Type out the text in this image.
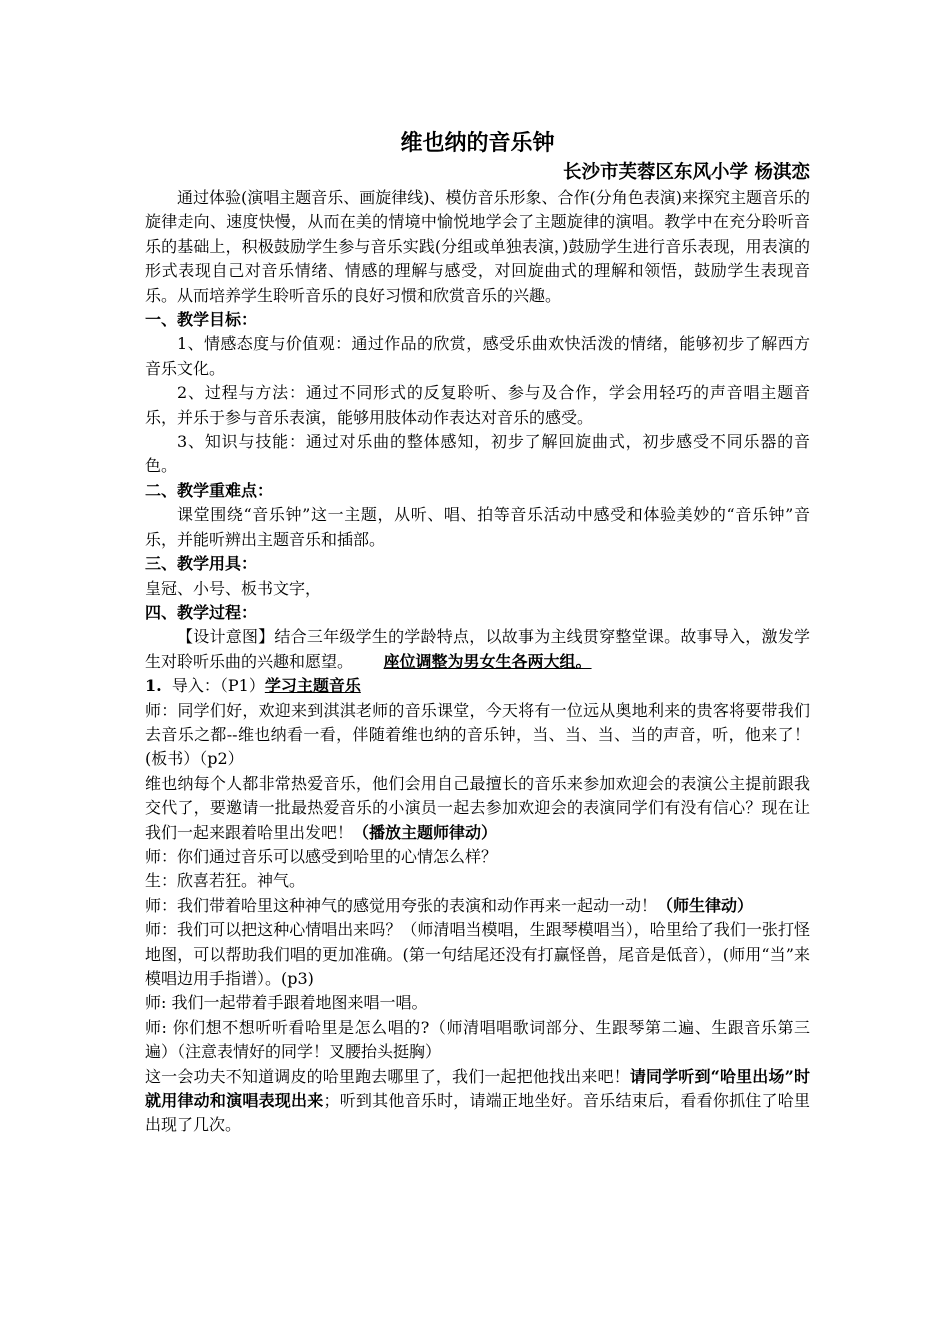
维也纳的音乐钟

长沙市芙蓉区东风小学 杨淇恋

通过体验(演唱主题音乐、画旋律线)、模仿音乐形象、合作(分角色表演)来探究主题音乐的旋律走向、速度快慢，从而在美的情境中愉悦地学会了主题旋律的演唱。教学中在充分聆听音乐的基础上，积极鼓励学生参与音乐实践(分组或单独表演，)鼓励学生进行音乐表现，用表演的形式表现自己对音乐情绪、情感的理解与感受，对回旋曲式的理解和领悟，鼓励学生表现音乐。从而培养学生聆听音乐的良好习惯和欣赏音乐的兴趣。

一、教学目标：

1、情感态度与价值观：通过作品的欣赏，感受乐曲欢快活泼的情绪，能够初步了解西方音乐文化。

2、过程与方法：通过不同形式的反复聆听、参与及合作，学会用轻巧的声音唱主题音乐，并乐于参与音乐表演，能够用肢体动作表达对音乐的感受。

3、知识与技能：通过对乐曲的整体感知，初步了解回旋曲式，初步感受不同乐器的音色。

二、教学重难点：

课堂围绕“音乐钟”这一主题，从听、唱、拍等音乐活动中感受和体验美妙的“音乐钟”音乐，并能听辨出主题音乐和插部。

三、教学用具：

皇冠、小号、板书文字，

四、教学过程：

【设计意图】结合三年级学生的学龄特点，以故事为主线贯穿整堂课。故事导入，激发学生对聆听乐曲的兴趣和愿望。 座位调整为男女生各两大组。

1. 导入：（P1）学习主题音乐

师：同学们好，欢迎来到淇淇老师的音乐课堂，今天将有一位远从奥地利来的贵客将要带我们去音乐之都--维也纳看一看，伴随着维也纳的音乐钟，当、当、当、当的声音，听，他来了！(板书）（p2）

维也纳每个人都非常热爱音乐，他们会用自己最擅长的音乐来参加欢迎会的表演公主提前跟我交代了，要邀请一批最热爱音乐的小演员一起去参加欢迎会的表演同学们有没有信心？现在让我们一起来跟着哈里出发吧！（播放主题师律动）

师：你们通过音乐可以感受到哈里的心情怎么样？

生：欣喜若狂。神气。

师：我们带着哈里这种神气的感觉用夸张的表演和动作再来一起动一动！（师生律动）

师：我们可以把这种心情唱出来吗？（师清唱当模唱，生跟琴模唱当），哈里给了我们一张打怪地图，可以帮助我们唱的更加准确。(第一句结尾还没有打赢怪兽，尾音是低音），(师用“当”来模唱边用手指谱）。(p3)

师: 我们一起带着手跟着地图来唱一唱。

师: 你们想不想听听看哈里是怎么唱的?（师清唱唱歌词部分、生跟琴第二遍、生跟音乐第三遍）（注意表情好的同学！叉腰抬头挺胸）

这一会功夫不知道调皮的哈里跑去哪里了，我们一起把他找出来吧！请同学听到“哈里出场”时就用律动和演唱表现出来；听到其他音乐时，请端正地坐好。音乐结束后，看看你抓住了哈里出现了几次。
